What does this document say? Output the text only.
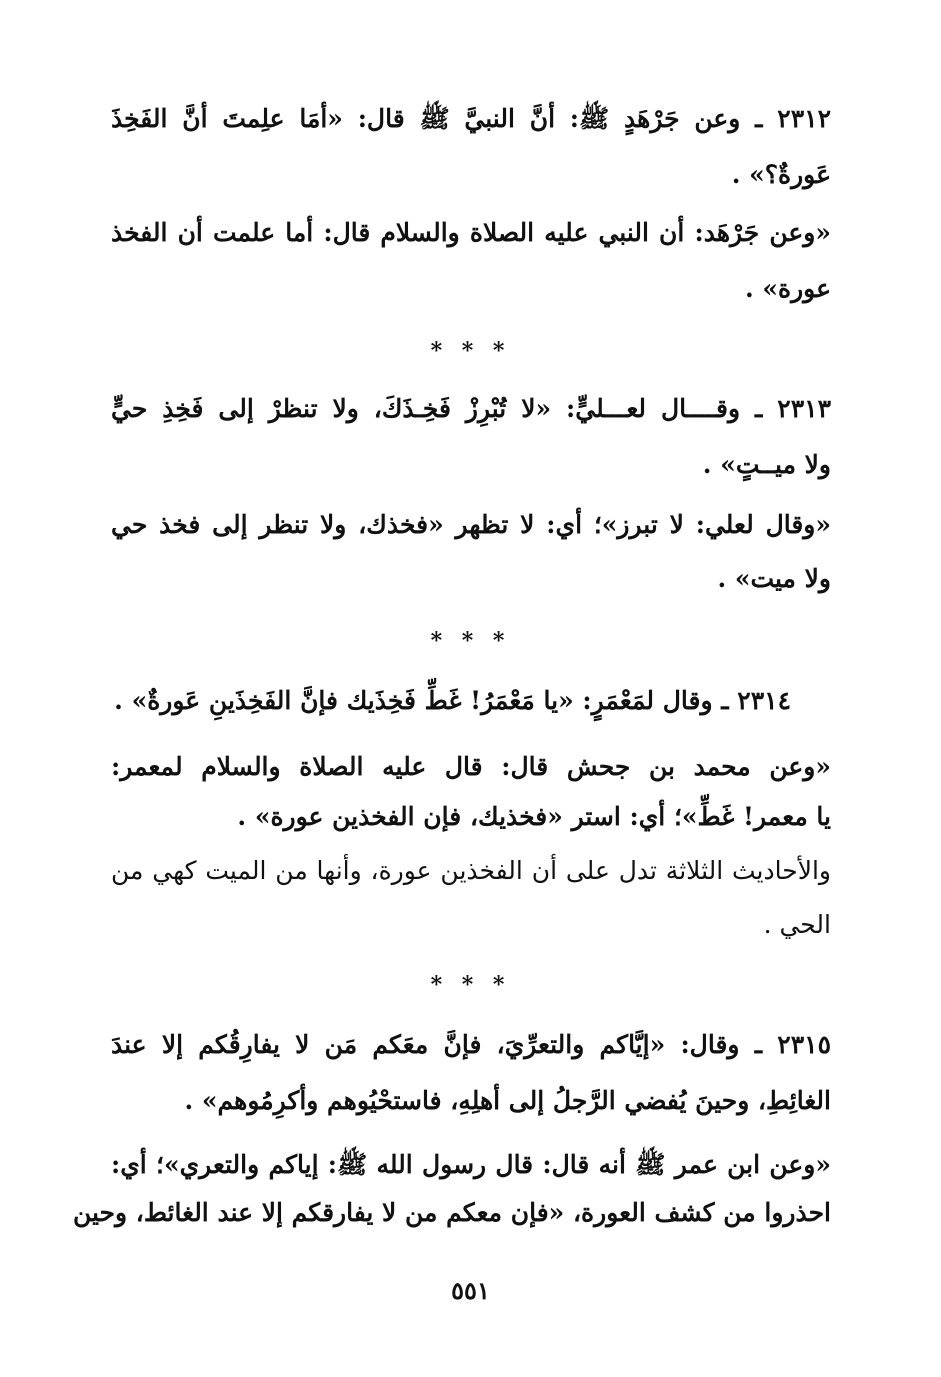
٢٣١٢ ـ وعن جَرْهَدٍ ﷺ: أنَّ النبيَّ ﷺ قال: «أمَا علِمتَ أنَّ الفَخِذَ
عَورةٌ؟» .
«وعن جَرْهَد: أن النبي عليه الصلاة والسلام قال: أما علمت أن الفخذ
عورة» .
* * *
٢٣١٣ ـ وقــــال لعـــليٍّ: «لا تُبْرِزْ فَخِـذَكَ، ولا تنظرْ إلى فَخِذِ حيٍّ
ولا ميــتٍ» .
«وقال لعلي: لا تبرز»؛ أي: لا تظهر «فخذك، ولا تنظر إلى فخذ حي
ولا ميت» .
* * *
٢٣١٤ ـ وقال لمَعْمَرٍ: «يا مَعْمَرُ! غَطِّ فَخِذَيك فإنَّ الفَخِذَينِ عَورةٌ» .
«وعن محمد بن جحش قال: قال عليه الصلاة والسلام لمعمر:
يا معمر! غَطِّ»؛ أي: استر «فخذيك، فإن الفخذين عورة» .
والأحاديث الثلاثة تدل على أن الفخذين عورة، وأنها من الميت كهي من
الحي .
* * *
٢٣١٥ ـ وقال: «إيَّاكم والتعرِّيَ، فإنَّ معَكم مَن لا يفارِقُكم إلا عندَ
الغائِطِ، وحينَ يُفضي الرَّجلُ إلى أهلِهِ، فاستحْيُوهم وأكرِمُوهم» .
«وعن ابن عمر ﷺ أنه قال: قال رسول الله ﷺ: إياكم والتعري»؛ أي:
احذروا من كشف العورة، «فإن معكم من لا يفارقكم إلا عند الغائط، وحين
٥٥١
